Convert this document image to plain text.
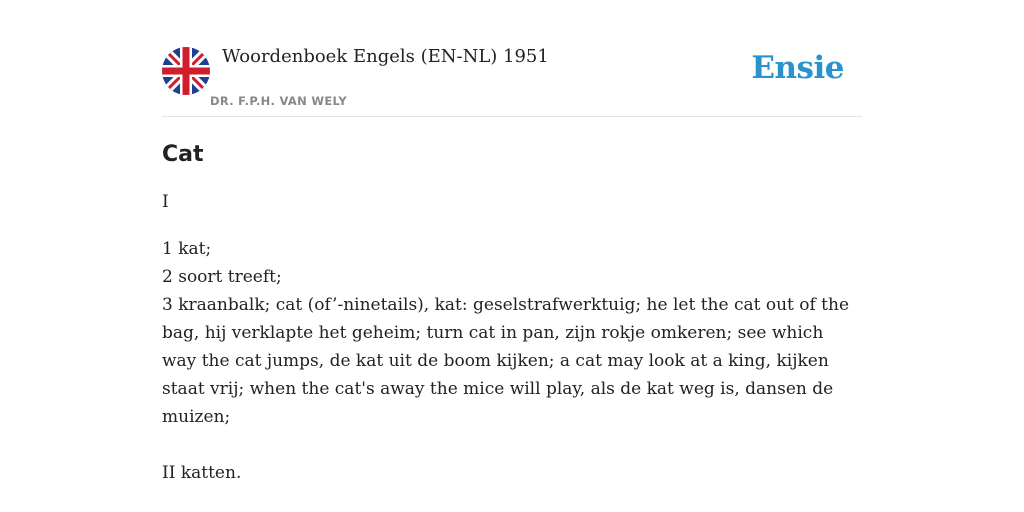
Woordenboek Engels (EN-NL) 1951
DR. F.P.H. VAN WELY
Ensie
Cat
I
1 kat;
2 soort treeft;
3 kraanbalk; cat (of’-ninetails), kat: geselstrafwerktuig; he let the cat out of the bag, hij verklapte het geheim; turn cat in pan, zijn rokje omkeren; see which way the cat jumps, de kat uit de boom kijken; a cat may look at a king, kijken staat vrij; when the cat's away the mice will play, als de kat weg is, dansen de muizen;
II katten.
